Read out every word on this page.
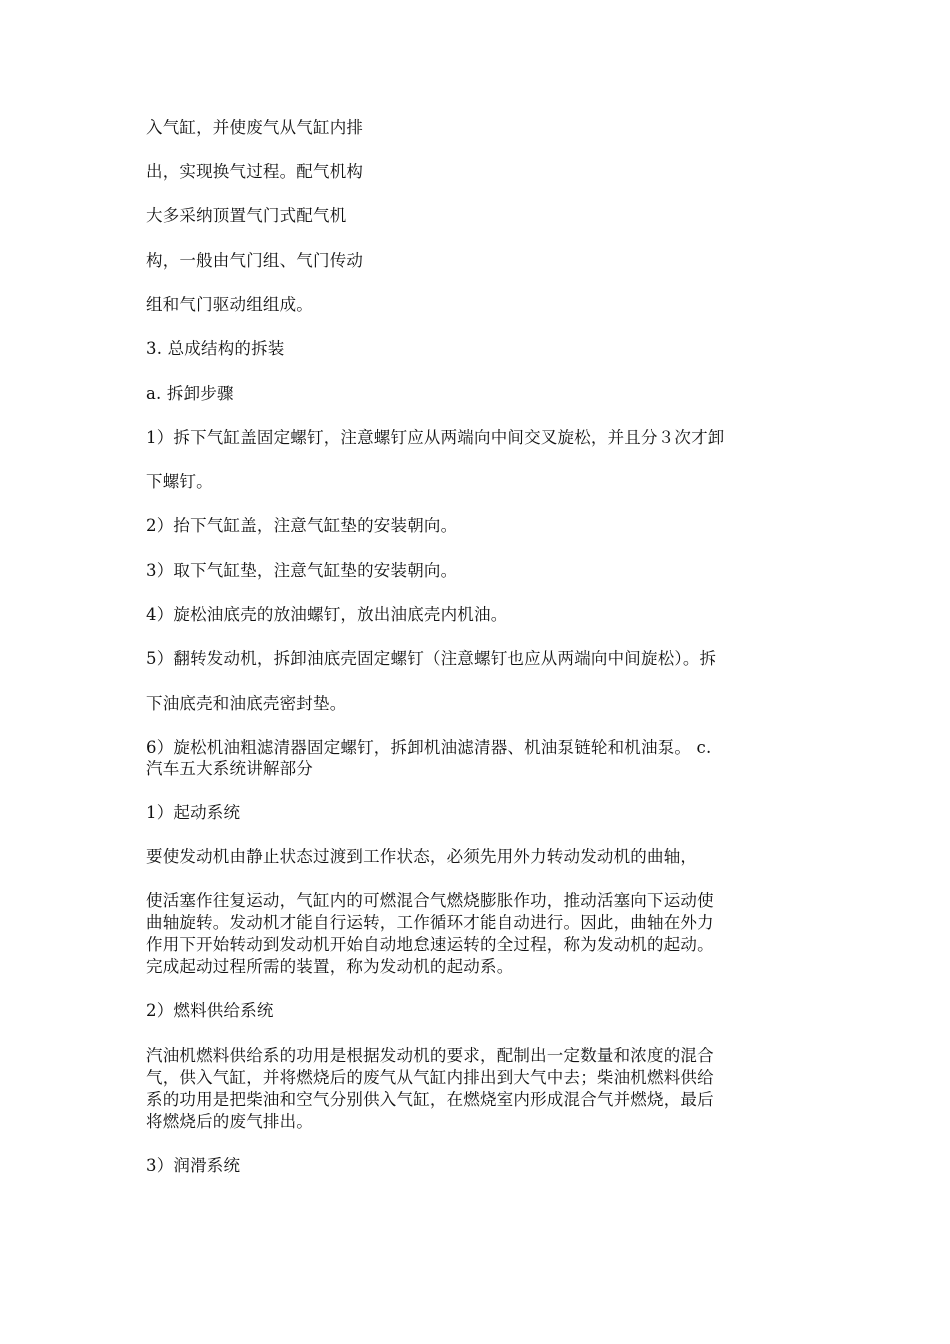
入气缸，并使废气从气缸内排
出，实现换气过程。配气机构
大多采纳顶置气门式配气机
构，一般由气门组、气门传动
组和气门驱动组组成。
3. 总成结构的拆装
a. 拆卸步骤
1）拆下气缸盖固定螺钉，注意螺钉应从两端向中间交叉旋松，并且分３次才卸
下螺钉。
2）抬下气缸盖，注意气缸垫的安装朝向。
3）取下气缸垫，注意气缸垫的安装朝向。
4）旋松油底壳的放油螺钉，放出油底壳内机油。
5）翻转发动机，拆卸油底壳固定螺钉（注意螺钉也应从两端向中间旋松）。拆
下油底壳和油底壳密封垫。
6）旋松机油粗滤清器固定螺钉，拆卸机油滤清器、机油泵链轮和机油泵。 c.
汽车五大系统讲解部分
1）起动系统
要使发动机由静止状态过渡到工作状态，必须先用外力转动发动机的曲轴，
使活塞作往复运动，气缸内的可燃混合气燃烧膨胀作功，推动活塞向下运动使
曲轴旋转。发动机才能自行运转，工作循环才能自动进行。因此，曲轴在外力
作用下开始转动到发动机开始自动地怠速运转的全过程，称为发动机的起动。
完成起动过程所需的装置，称为发动机的起动系。
2）燃料供给系统
汽油机燃料供给系的功用是根据发动机的要求，配制出一定数量和浓度的混合
气，供入气缸，并将燃烧后的废气从气缸内排出到大气中去；柴油机燃料供给
系的功用是把柴油和空气分别供入气缸，在燃烧室内形成混合气并燃烧，最后
将燃烧后的废气排出。
3）润滑系统
